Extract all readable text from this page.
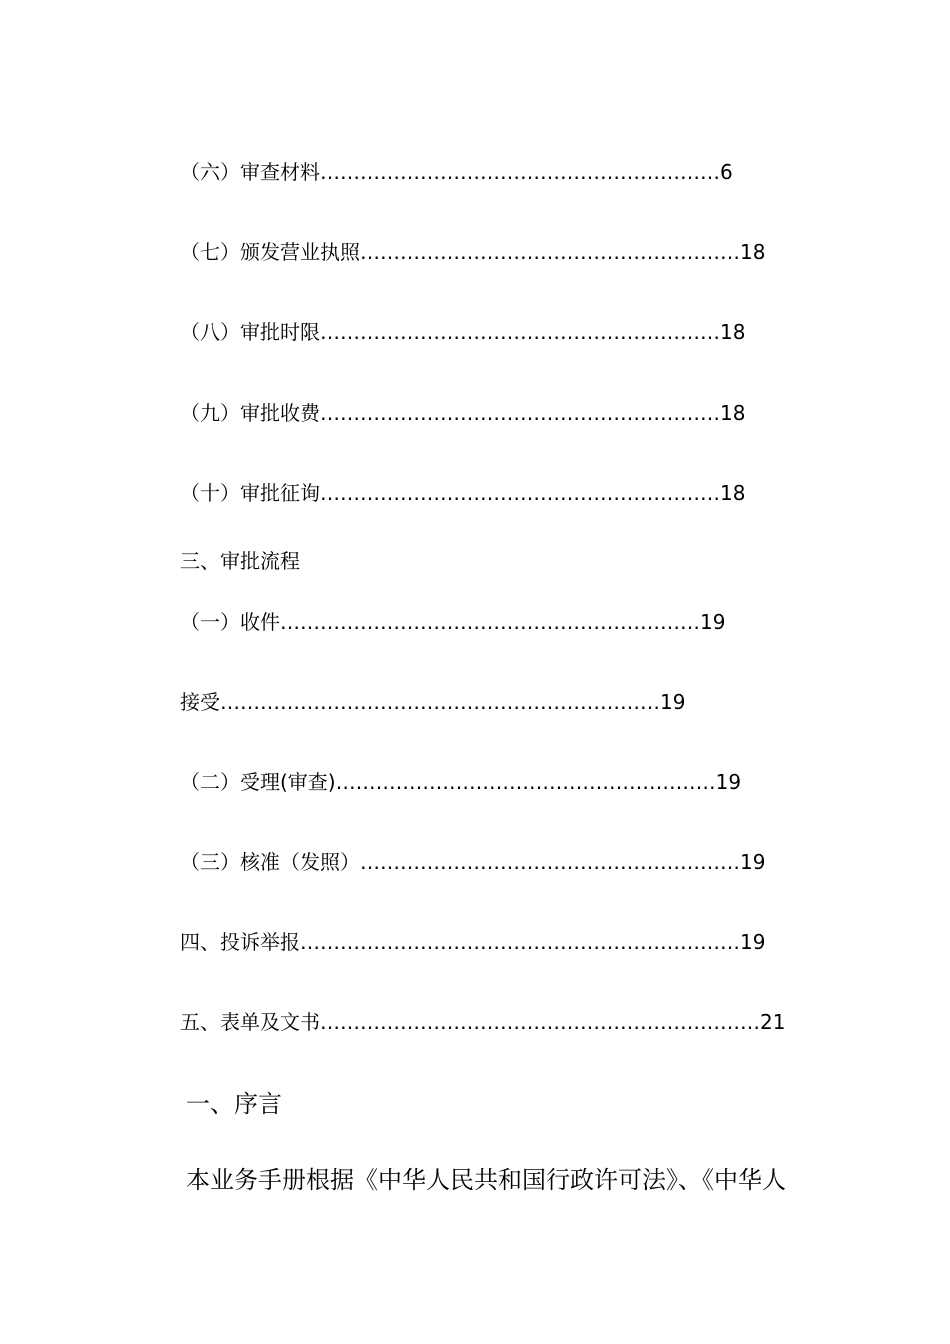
（六）审查材料……………………………………………………6
（七）颁发营业执照…………………………………………………18
（八）审批时限……………………………………………………18
（九）审批收费……………………………………………………18
（十）审批征询……………………………………………………18
三、审批流程
（一）收件………………………………………………………19
接受…………………………………………………………19
（二）受理(审查)…………………………………………………19
（三）核准（发照）…………………………………………………19
四、投诉举报…………………………………………………………19
五、表单及文书…………………………………………………………21
一、序言
本业务手册根据《中华人民共和国行政许可法》、《中华人
